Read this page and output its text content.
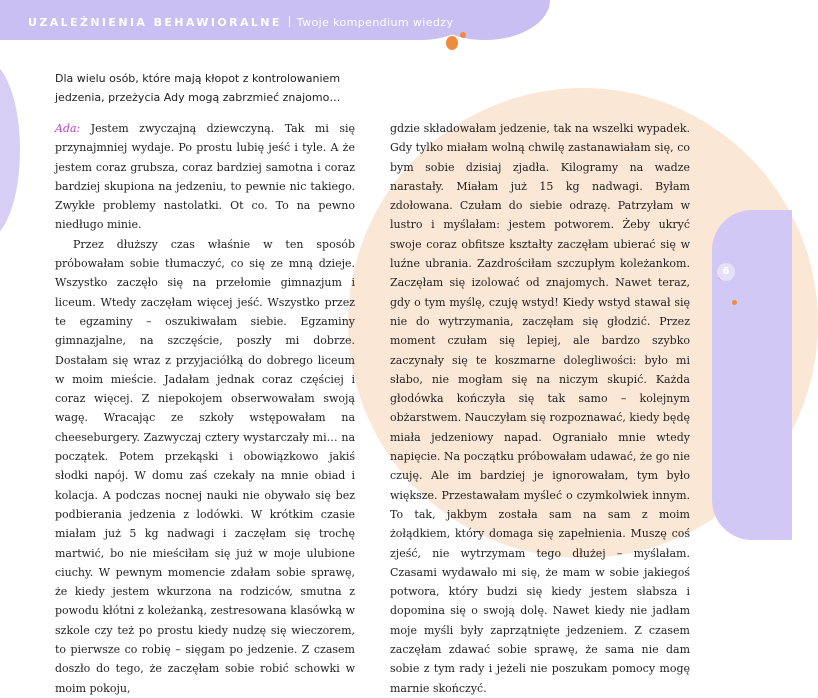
UZALEŻNIENIA BEHAWIORALNE Twoje kompendium wiedzy
6
Dla wielu osób, które mają kłopot z kontrolowaniem jedzenia, przeżycia Ady mogą zabrzmieć znajomo…

Ada: Jestem zwyczajną dziewczyną. Tak mi się przynajmniej wydaje. Po prostu lubię jeść i tyle. A że jestem coraz grubsza, coraz bardziej samotna i coraz bardziej skupiona na jedzeniu, to pewnie nic takiego. Zwykłe problemy nastolatki. Ot co. To na pewno niedługo minie.

Przez dłuższy czas właśnie w ten sposób próbowałam sobie tłumaczyć, co się ze mną dzieje. Wszystko zaczęło się na przełomie gimnazjum i liceum. Wtedy zaczęłam więcej jeść. Wszystko przez te egzaminy – oszukiwałam siebie. Egzaminy gimnazjalne, na szczęście, poszły mi dobrze. Dostałam się wraz z przyjaciółką do dobrego liceum w moim mieście. Jadałam jednak coraz częściej i coraz więcej. Z niepokojem obserwowałam swoją wagę. Wracając ze szkoły wstępowałam na cheeseburgery. Zazwyczaj cztery wystarczały mi… na początek. Potem przekąski i obowiązkowo jakiś słodki napój. W domu zaś czekały na mnie obiad i kolacja. A podczas nocnej nauki nie obywało się bez podbierania jedzenia z lodówki. W krótkim czasie miałam już 5 kg nadwagi i zaczęłam się trochę martwić, bo nie mieściłam się już w moje ulubione ciuchy. W pewnym momencie zdałam sobie sprawę, że kiedy jestem wkurzona na rodziców, smutna z powodu kłótni z koleżanką, zestresowana klasówką w szkole czy też po prostu kiedy nudzę się wieczorem, to pierwsze co robię – sięgam po jedzenie. Z czasem doszło do tego, że zaczęłam sobie robić schowki w moim pokoju,

gdzie składowałam jedzenie, tak na wszelki wypadek. Gdy tylko miałam wolną chwilę zastanawiałam się, co bym sobie dzisiaj zjadła. Kilogramy na wadze narastały. Miałam już 15 kg nadwagi. Byłam zdołowana. Czułam do siebie odrazę. Patrzyłam w lustro i myślałam: jestem potworem. Żeby ukryć swoje coraz obfitsze kształty zaczęłam ubierać się w luźne ubrania. Zazdrościłam szczupłym koleżankom. Zaczęłam się izolować od znajomych. Nawet teraz, gdy o tym myślę, czuję wstyd! Kiedy wstyd stawał się nie do wytrzymania, zaczęłam się głodzić. Przez moment czułam się lepiej, ale bardzo szybko zaczynały się te koszmarne dolegliwości: było mi słabo, nie mogłam się na niczym skupić. Każda głodówka kończyła się tak samo – kolejnym obżarstwem. Nauczyłam się rozpoznawać, kiedy będę miała jedzeniowy napad. Ograniało mnie wtedy napięcie. Na początku próbowałam udawać, że go nie czuję. Ale im bardziej je ignorowałam, tym było większe. Przestawałam myśleć o czymkolwiek innym. To tak, jakbym została sam na sam z moim żołądkiem, który domaga się zapełnienia. Muszę coś zjeść, nie wytrzymam tego dłużej – myślałam. Czasami wydawało mi się, że mam w sobie jakiegoś potwora, który budzi się kiedy jestem słabsza i dopomina się o swoją dolę. Nawet kiedy nie jadłam moje myśli były zaprzątnięte jedzeniem. Z czasem zaczęłam zdawać sobie sprawę, że sama nie dam sobie z tym rady i jeżeli nie poszukam pomocy mogę marnie skończyć.
